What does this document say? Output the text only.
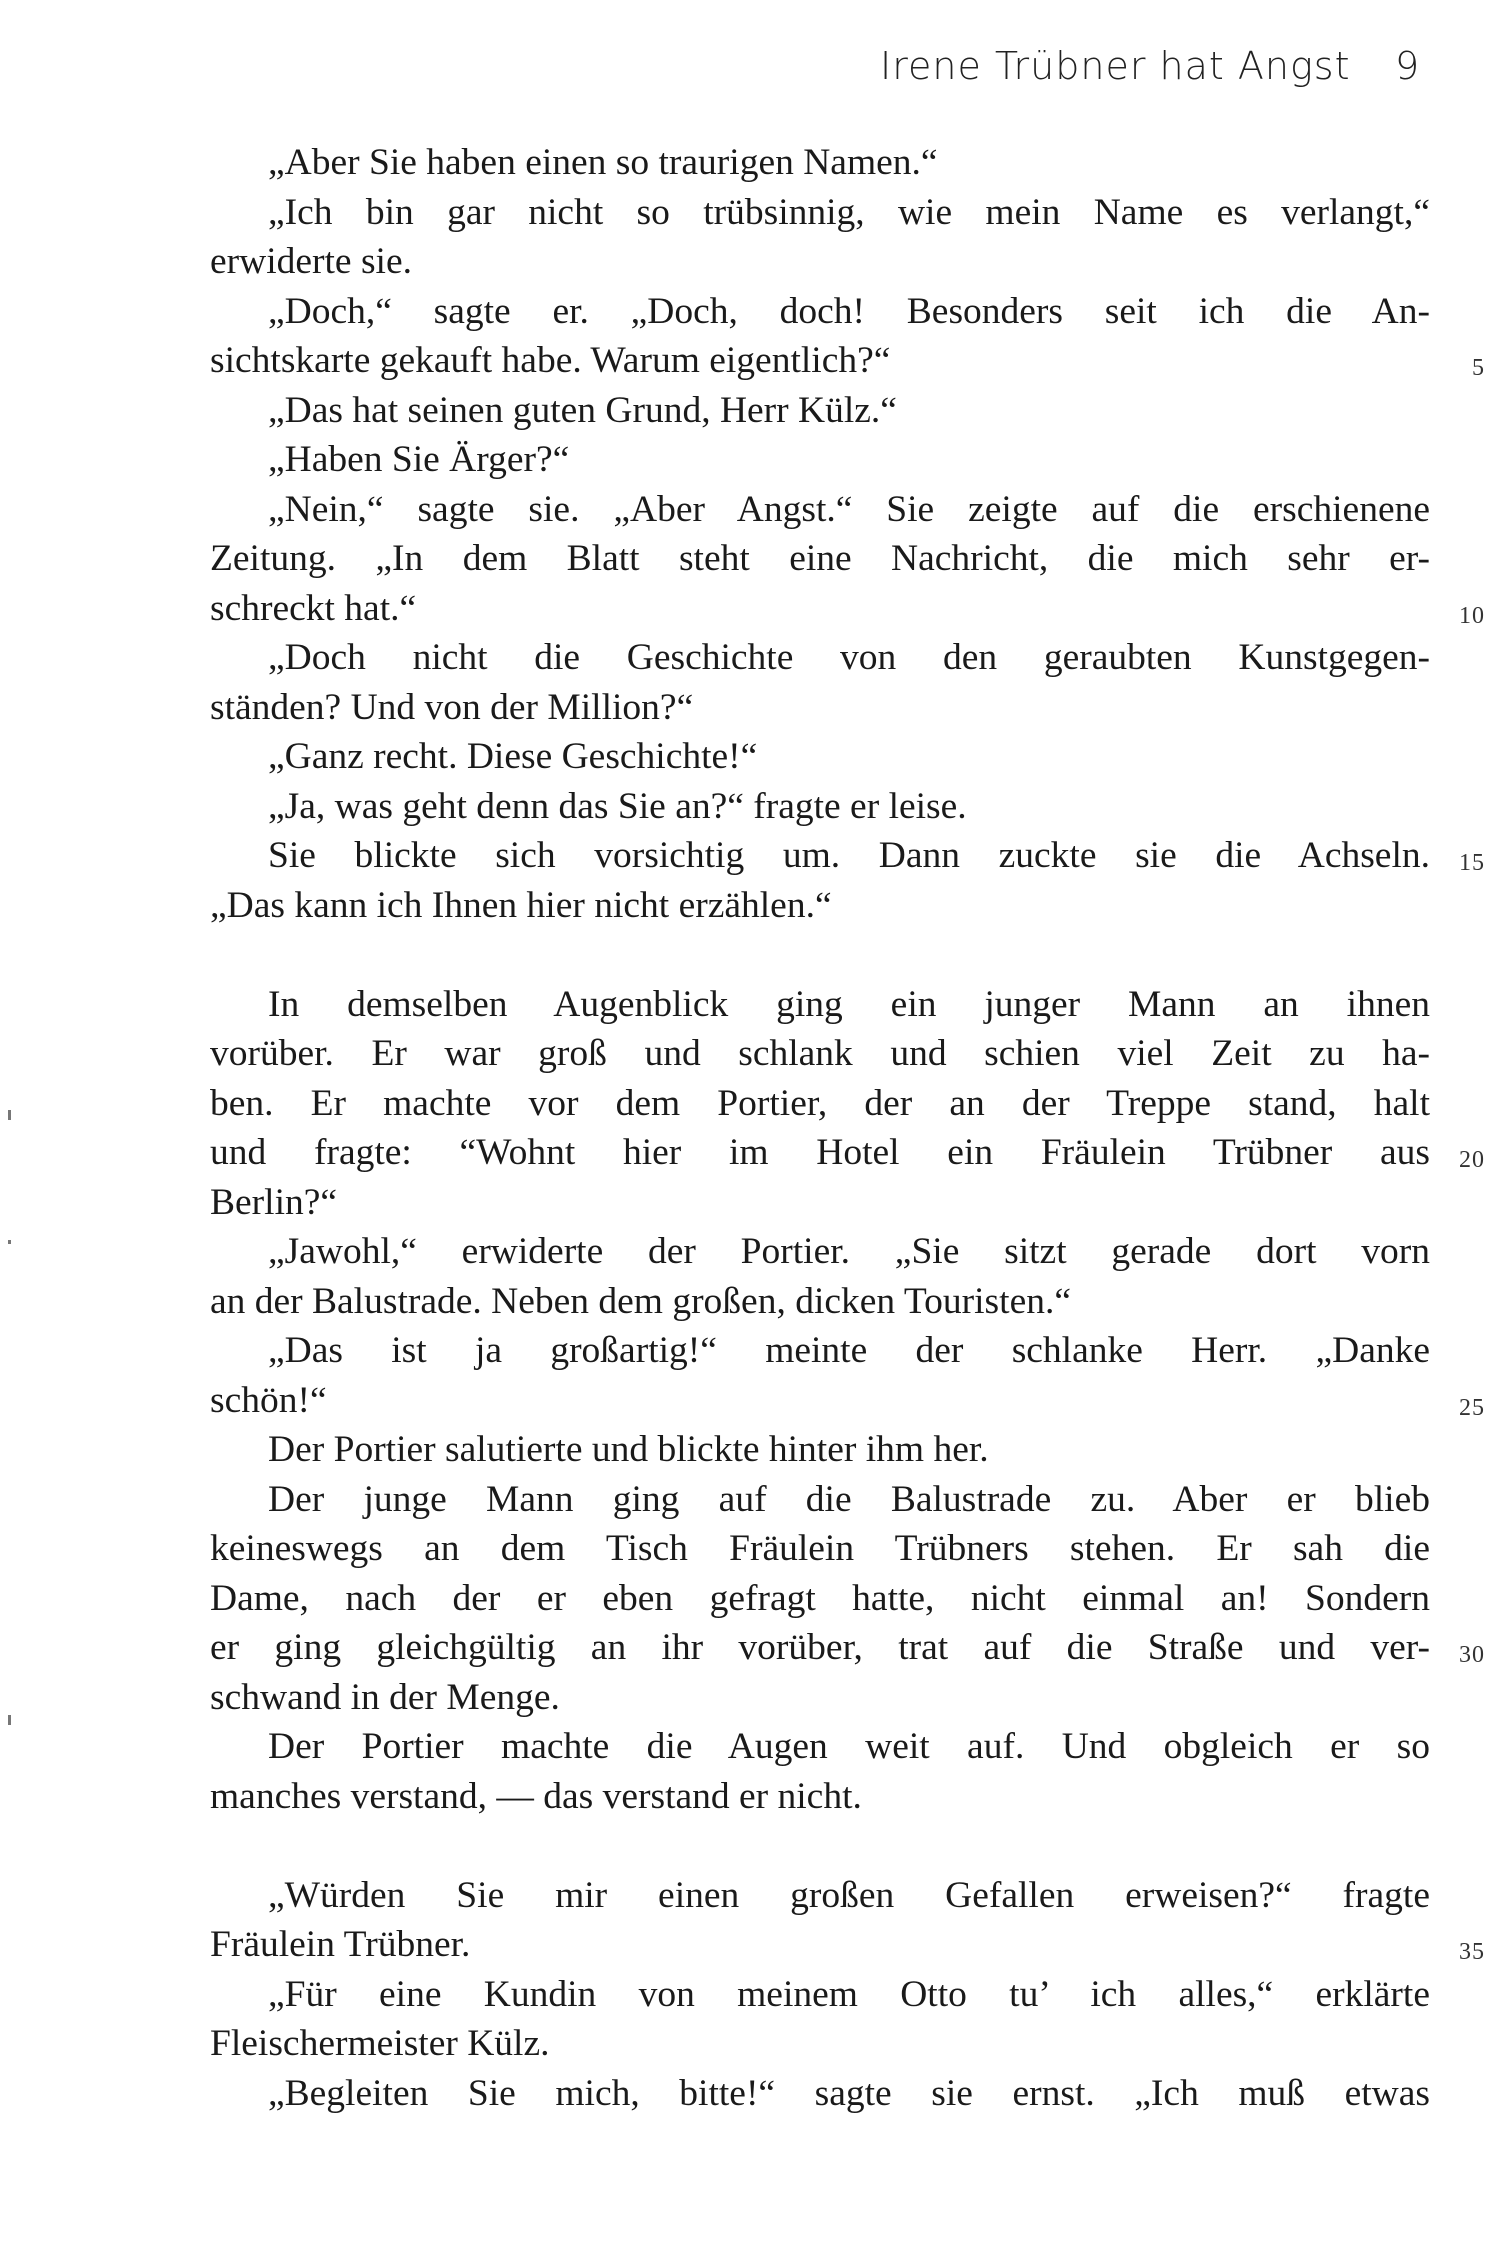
Irene Trübner hat Angst 9
„Aber Sie haben einen so traurigen Namen.“
„Ich bin gar nicht so trübsinnig, wie mein Name es verlangt,“
erwiderte sie.
„Doch,“ sagte er. „Doch, doch! Besonders seit ich die An-
sichtskarte gekauft habe. Warum eigentlich?“	5
„Das hat seinen guten Grund, Herr Külz.“
„Haben Sie Ärger?“
„Nein,“ sagte sie. „Aber Angst.“ Sie zeigte auf die erschienene
Zeitung. „In dem Blatt steht eine Nachricht, die mich sehr er-
schreckt hat.“	10
„Doch nicht die Geschichte von den geraubten Kunstgegen-
ständen? Und von der Million?“
„Ganz recht. Diese Geschichte!“
„Ja, was geht denn das Sie an?“ fragte er leise.
Sie blickte sich vorsichtig um. Dann zuckte sie die Achseln. 15
„Das kann ich Ihnen hier nicht erzählen.“
In demselben Augenblick ging ein junger Mann an ihnen
vorüber. Er war groß und schlank und schien viel Zeit zu ha-
ben. Er machte vor dem Portier, der an der Treppe stand, halt
und fragte: “Wohnt hier im Hotel ein Fräulein Trübner aus 20
Berlin?“
„Jawohl,“ erwiderte der Portier. „Sie sitzt gerade dort vorn
an der Balustrade. Neben dem großen, dicken Touristen.“
„Das ist ja großartig!“ meinte der schlanke Herr. „Danke
schön!“	25
Der Portier salutierte und blickte hinter ihm her.
Der junge Mann ging auf die Balustrade zu. Aber er blieb
keineswegs an dem Tisch Fräulein Trübners stehen. Er sah die
Dame, nach der er eben gefragt hatte, nicht einmal an! Sondern
er ging gleichgültig an ihr vorüber, trat auf die Straße und ver- 30
schwand in der Menge.
Der Portier machte die Augen weit auf. Und obgleich er so
manches verstand, — das verstand er nicht.
„Würden Sie mir einen großen Gefallen erweisen?“ fragte
Fräulein Trübner.	35
„Für eine Kundin von meinem Otto tu’ ich alles,“ erklärte
Fleischermeister Külz.
„Begleiten Sie mich, bitte!“ sagte sie ernst. „Ich muß etwas
